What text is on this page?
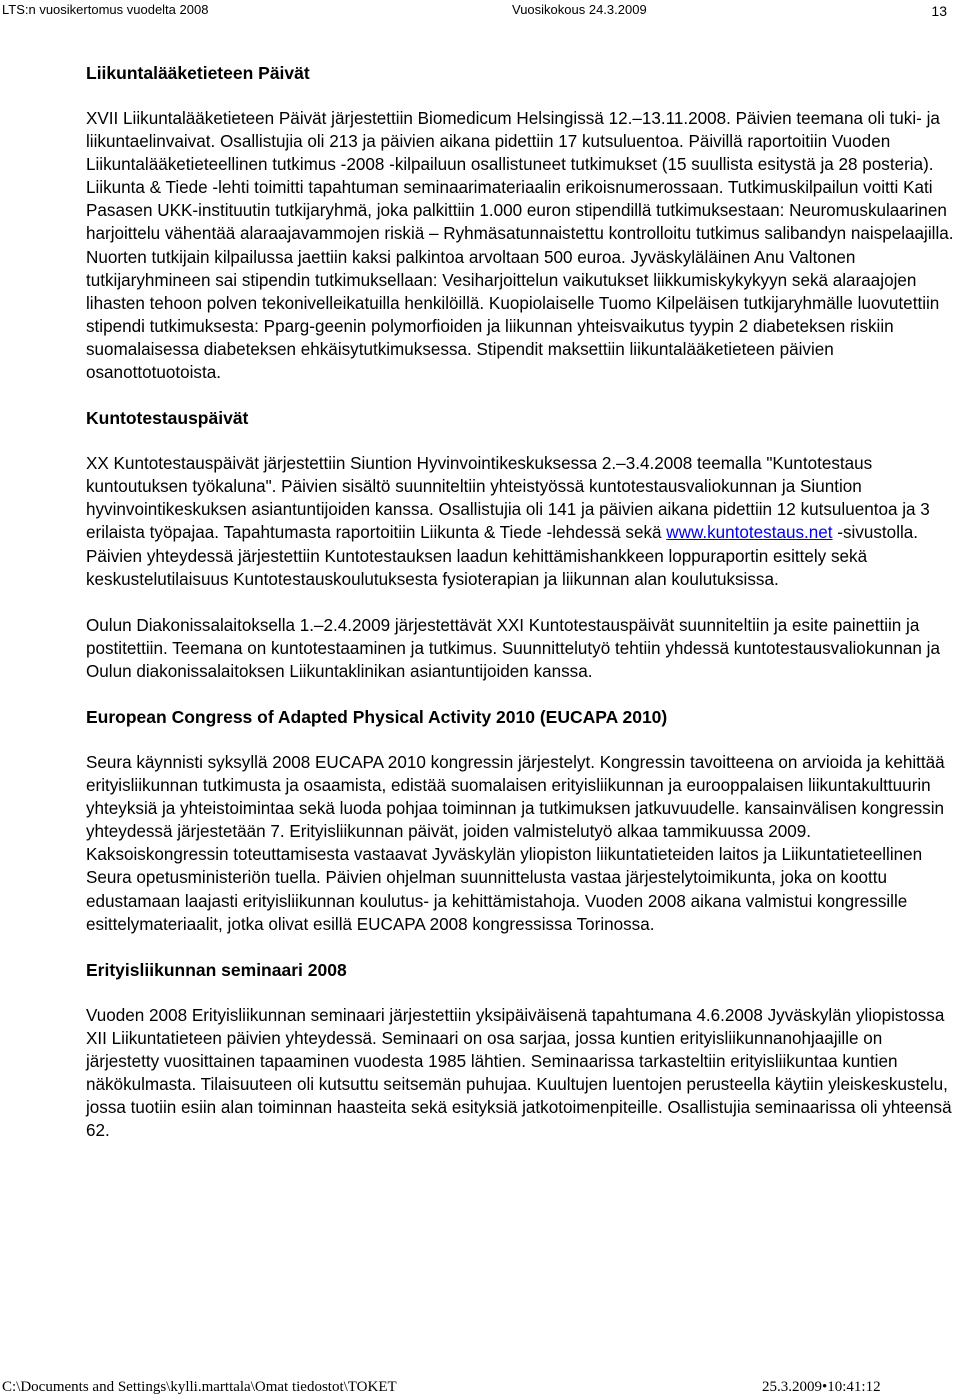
LTS:n vuosikertomus vuodelta 2008	Vuosikokous 24.3.2009	13
Liikuntalääketieteen Päivät

XVII Liikuntalääketieteen Päivät järjestettiin Biomedicum Helsingissä 12.–13.11.2008. Päivien teemana oli tuki- ja liikuntaelinvaivat. Osallistujia oli 213 ja päivien aikana pidettiin 17 kutsuluentoa. Päivillä raportoitiin Vuoden Liikuntalääketieteellinen tutkimus -2008 -kilpailuun osallistuneet tutkimukset (15 suullista esitystä ja 28 posteria). Liikunta & Tiede -lehti toimitti tapahtuman seminaarimateriaalin erikoisnumerossaan. Tutkimuskilpailun voitti Kati Pasasen UKK-instituutin tutkijaryhmä, joka palkittiin 1.000 euron stipendillä tutkimuksestaan: Neuromuskulaarinen harjoittelu vähentää alaraajavammojen riskiä – Ryhmäsatunnaistettu kontrolloitu tutkimus salibandyn naispelaajilla. Nuorten tutkijain kilpailussa jaettiin kaksi palkintoa arvoltaan 500 euroa. Jyväskyläläinen Anu Valtonen tutkijaryhmineen sai stipendin tutkimuksellaan: Vesiharjoittelun vaikutukset liikkumiskykykyyn sekä alaraajojen lihasten tehoon polven tekonivelleikatuilla henkilöillä. Kuopiolaiselle Tuomo Kilpeläisen tutkijaryhmälle luovutettiin stipendi tutkimuksesta: Pparg-geenin polymorfioiden ja liikunnan yhteisvaikutus tyypin 2 diabeteksen riskiin suomalaisessa diabeteksen ehkäisytutkimuksessa. Stipendit maksettiin liikuntalääketieteen päivien osanottotuotoista.

Kuntotestauspäivät

XX Kuntotestauspäivät järjestettiin Siuntion Hyvinvointikeskuksessa 2.–3.4.2008 teemalla "Kuntotestaus kuntoutuksen työkaluna". Päivien sisältö suunniteltiin yhteistyössä kuntotestausvaliokunnan ja Siuntion hyvinvointikeskuksen asiantuntijoiden kanssa. Osallistujia oli 141 ja päivien aikana pidettiin 12 kutsuluentoa ja 3 erilaista työpajaa. Tapahtumasta raportoitiin Liikunta & Tiede -lehdessä sekä www.kuntotestaus.net -sivustolla. Päivien yhteydessä järjestettiin Kuntotestauksen laadun kehittämishankkeen loppuraportin esittely sekä keskustelutilaisuus Kuntotestauskoulutuksesta fysioterapian ja liikunnan alan koulutuksissa.

Oulun Diakonissalaitoksella 1.–2.4.2009 järjestettävät XXI Kuntotestauspäivät suunniteltiin ja esite painettiin ja postitettiin. Teemana on kuntotestaaminen ja tutkimus. Suunnittelutyö tehtiin yhdessä kuntotestausvaliokunnan ja Oulun diakonissalaitoksen Liikuntaklinikan asiantuntijoiden kanssa.

European Congress of Adapted Physical Activity 2010 (EUCAPA 2010)

Seura käynnisti syksyllä 2008 EUCAPA 2010 kongressin järjestelyt. Kongressin tavoitteena on arvioida ja kehittää erityisliikunnan tutkimusta ja osaamista, edistää suomalaisen erityisliikunnan ja eurooppalaisen liikuntakulttuurin yhteyksiä ja yhteistoimintaa sekä luoda pohjaa toiminnan ja tutkimuksen jatkuvuudelle. kansainvälisen kongressin yhteydessä järjestetään 7. Erityisliikunnan päivät, joiden valmistelutyö alkaa tammikuussa 2009. Kaksoiskongressin toteuttamisesta vastaavat Jyväskylän yliopiston liikuntatieteiden laitos ja Liikuntatieteellinen Seura opetusministeriön tuella. Päivien ohjelman suunnittelusta vastaa järjestelytoimikunta, joka on koottu edustamaan laajasti erityisliikunnan koulutus- ja kehittämistahoja. Vuoden 2008 aikana valmistui kongressille esittelymateriaalit, jotka olivat esillä EUCAPA 2008 kongressissa Torinossa.

Erityisliikunnan seminaari 2008

Vuoden 2008 Erityisliikunnan seminaari järjestettiin yksipäiväisenä tapahtumana 4.6.2008 Jyväskylän yliopistossa XII Liikuntatieteen päivien yhteydessä. Seminaari on osa sarjaa, jossa kuntien erityisliikunnanohjaajille on järjestetty vuosittainen tapaaminen vuodesta 1985 lähtien. Seminaarissa tarkasteltiin erityisliikuntaa kuntien näkökulmasta. Tilaisuuteen oli kutsuttu seitsemän puhujaa. Kuultujen luentojen perusteella käytiin yleiskeskustelu, jossa tuotiin esiin alan toiminnan haasteita sekä esityksiä jatkotoimenpiteille. Osallistujia seminaarissa oli yhteensä 62.

C:\Documents and Settings\kylli.marttala\Omat tiedostot\TOKET	25.3.2009•10:41:12
